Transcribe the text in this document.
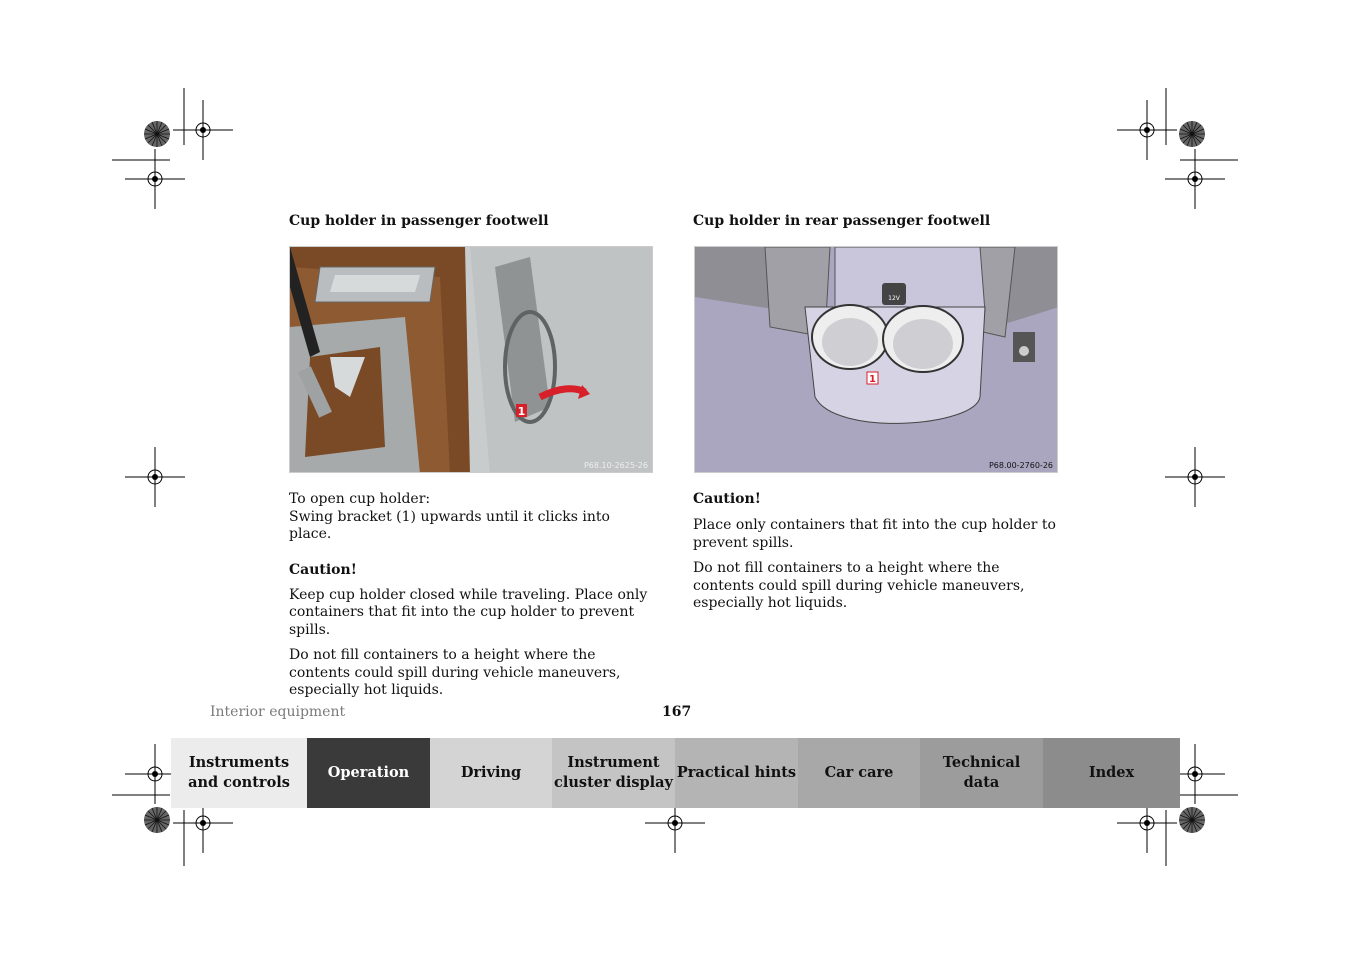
Cup holder in passenger footwell
1
P68.10-2625-26

To open cup holder:

Swing bracket (1) upwards until it clicks into place.

Caution!

Keep cup holder closed while traveling. Place only containers that fit into the cup holder to prevent spills.

Do not fill containers to a height where the contents could spill during vehicle maneuvers, especially hot liquids.

Cup holder in rear passenger footwell
1
12V
P68.00-2760-26

Caution!

Place only containers that fit into the cup holder to prevent spills.

Do not fill containers to a height where the contents could spill during vehicle maneuvers, especially hot liquids.

Interior equipment	167
Instruments
and controls
Operation	Driving
Instrument
cluster display
Practical hints	Car care
Technical
data
Index
